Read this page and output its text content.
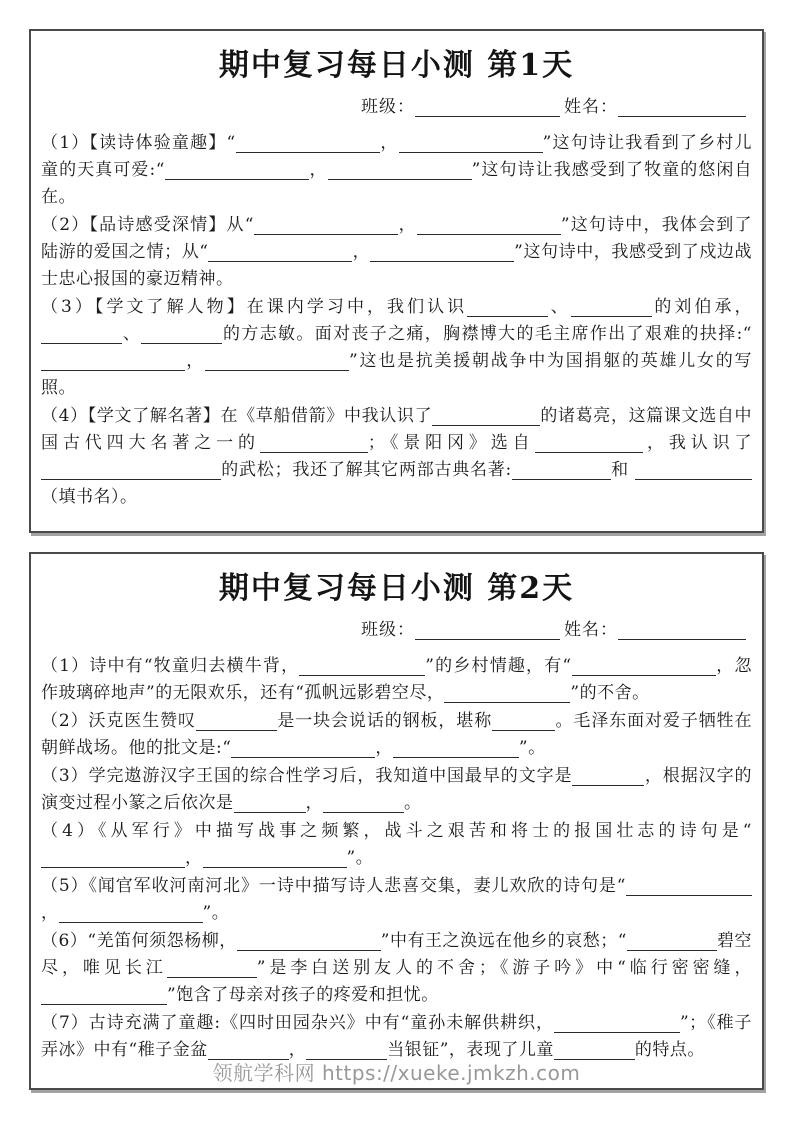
期中复习每日小测 第1天
班级：	姓名：

（1）【读诗体验童趣】“	，	”这句诗让我看到了乡村儿童的天真可爱:“	，	”这句诗让我感受到了牧童的悠闲自在。

（2）【品诗感受深情】从“	，	”这句诗中，我体会到了陆游的爱国之情；从“	，	”这句诗中，我感受到了戍边战士忠心报国的豪迈精神。

（3）【学文了解人物】在课内学习中，我们认识	、	的刘伯承，、	的方志敏。面对丧子之痛，胸襟博大的毛主席作出了艰难的抉择:“，	”这也是抗美援朝战争中为国捐躯的英雄儿女的写照。

（4）【学文了解名著】在《草船借箭》中我认识了	的诸葛亮，这篇课文选自中国古代四大名著之一的	；《景阳冈》选自	，我认识了的武松；我还了解其它两部古典名著:	和 （填书名）。

期中复习每日小测 第2天
班级：	姓名：

（1）诗中有“牧童归去横牛背，	”的乡村情趣，有“	，忽作玻璃碎地声”的无限欢乐，还有“孤帆远影碧空尽，	”的不舍。

（2）沃克医生赞叹	是一块会说话的钢板，堪称	。毛泽东面对爱子牺牲在朝鲜战场。他的批文是:“	，	”。

（3）学完遨游汉字王国的综合性学习后，我知道中国最早的文字是	，根据汉字的演变过程小篆之后依次是	，	。

（4）《从军行》中描写战事之频繁，战斗之艰苦和将士的报国壮志的诗句是“，	”。

（5）《闻官军收河南河北》一诗中描写诗人悲喜交集，妻儿欢欣的诗句是“，	”。

（6）“羌笛何须怨杨柳，	”中有王之涣远在他乡的哀愁；“	碧空尽，唯见长江	”是李白送别友人的不舍；《游子吟》中“临行密密缝，”饱含了母亲对孩子的疼爱和担忧。

（7）古诗充满了童趣:《四时田园杂兴》中有“童孙未解供耕织，	”；《稚子弄冰》中有“稚子金盆	，	当银钲”，表现了儿童	的特点。

领航学科网 https://xueke.jmkzh.com
